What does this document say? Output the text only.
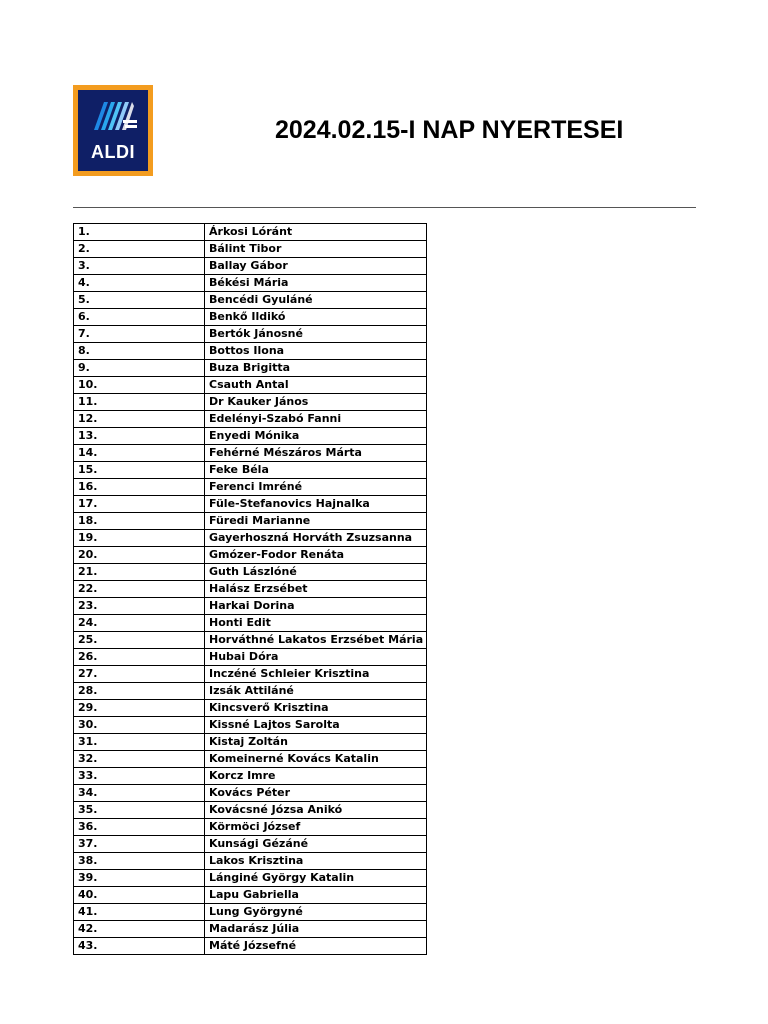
ALDI
2024.02.15-I NAP NYERTESEI
1.	Árkosi Lóránt
2.	Bálint Tibor
3.	Ballay Gábor
4.	Békési Mária
5.	Bencédi Gyuláné
6.	Benkő Ildikó
7.	Bertók Jánosné
8.	Bottos Ilona
9.	Buza Brigitta
10.	Csauth Antal
11.	Dr Kauker János
12.	Edelényi-Szabó Fanni
13.	Enyedi Mónika
14.	Fehérné Mészáros Márta
15.	Feke Béla
16.	Ferenci Imréné
17.	Füle-Stefanovics Hajnalka
18.	Füredi Marianne
19.	Gayerhoszná Horváth Zsuzsanna
20.	Gmózer-Fodor Renáta
21.	Guth Lászlóné
22.	Halász Erzsébet
23.	Harkai Dorina
24.	Honti Edit
25.	Horváthné Lakatos Erzsébet Mária
26.	Hubai Dóra
27.	Inczéné Schleier Krisztina
28.	Izsák Attiláné
29.	Kincsverő Krisztina
30.	Kissné Lajtos Sarolta
31.	Kistaj Zoltán
32.	Komeinerné Kovács Katalin
33.	Korcz Imre
34.	Kovács Péter
35.	Kovácsné Józsa Anikó
36.	Körmöci József
37.	Kunsági Gézáné
38.	Lakos Krisztina
39.	Lánginé György Katalin
40.	Lapu Gabriella
41.	Lung Györgyné
42.	Madarász Júlia
43.	Máté Józsefné
